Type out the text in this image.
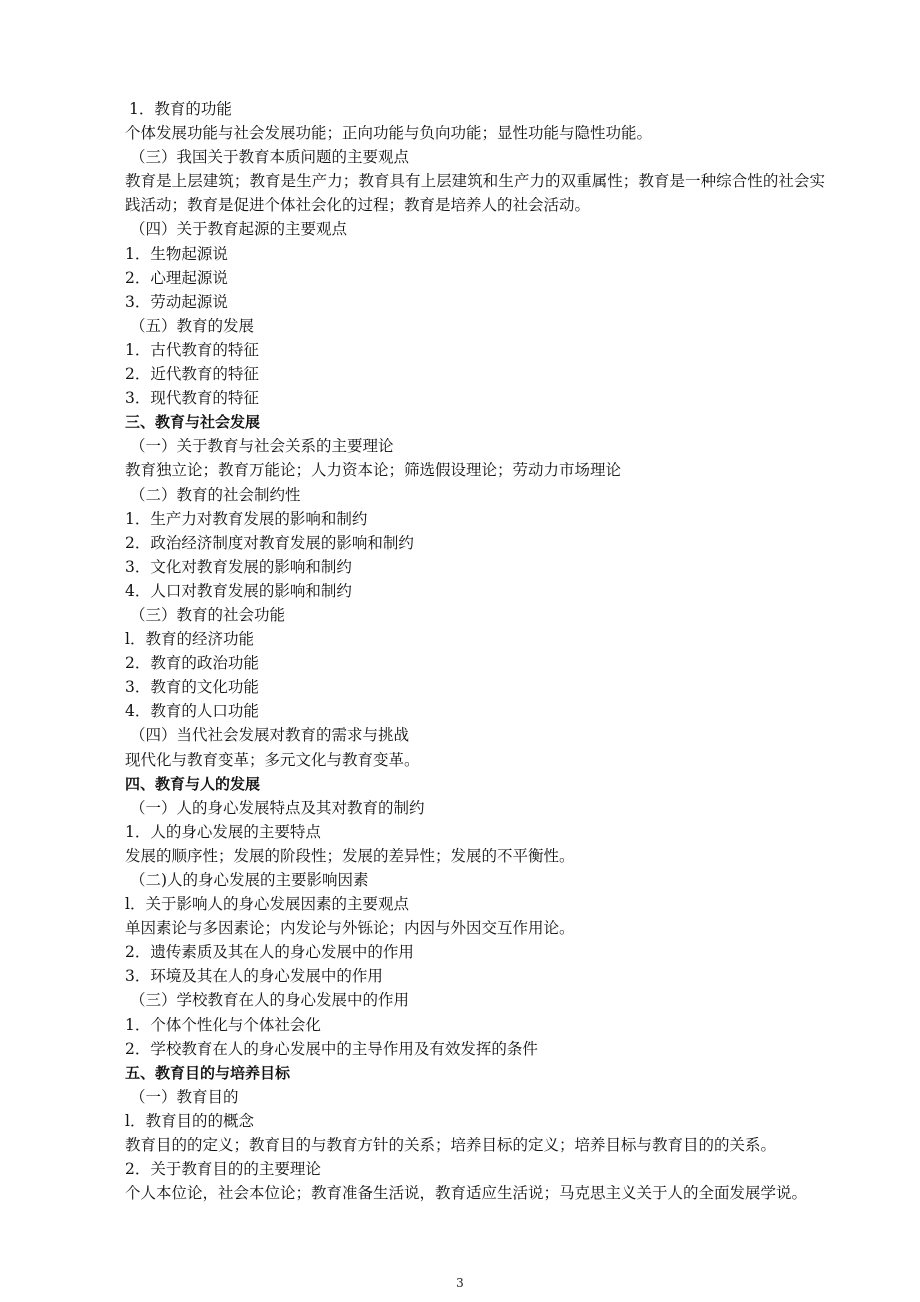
1．教育的功能
个体发展功能与社会发展功能；正向功能与负向功能；显性功能与隐性功能。
（三）我国关于教育本质问题的主要观点
教育是上层建筑；教育是生产力；教育具有上层建筑和生产力的双重属性；教育是一种综合性的社会实践活动；教育是促进个体社会化的过程；教育是培养人的社会活动。
（四）关于教育起源的主要观点
1．生物起源说
2．心理起源说
3．劳动起源说
（五）教育的发展
1．古代教育的特征
2．近代教育的特征
3．现代教育的特征
三、教育与社会发展
（一）关于教育与社会关系的主要理论
教育独立论；教育万能论；人力资本论；筛选假设理论；劳动力市场理论
（二）教育的社会制约性
1．生产力对教育发展的影响和制约
2．政治经济制度对教育发展的影响和制约
3．文化对教育发展的影响和制约
4．人口对教育发展的影响和制约
（三）教育的社会功能
l．教育的经济功能
2．教育的政治功能
3．教育的文化功能
4．教育的人口功能
（四）当代社会发展对教育的需求与挑战
现代化与教育变革；多元文化与教育变革。
四、教育与人的发展
（一）人的身心发展特点及其对教育的制约
1．人的身心发展的主要特点
发展的顺序性；发展的阶段性；发展的差异性；发展的不平衡性。
（二)人的身心发展的主要影响因素
l．关于影响人的身心发展因素的主要观点
单因素论与多因素论；内发论与外铄论；内因与外因交互作用论。
2．遗传素质及其在人的身心发展中的作用
3．环境及其在人的身心发展中的作用
（三）学校教育在人的身心发展中的作用
1．个体个性化与个体社会化
2．学校教育在人的身心发展中的主导作用及有效发挥的条件
五、教育目的与培养目标
（一）教育目的
l．教育目的的概念
教育目的的定义；教育目的与教育方针的关系；培养目标的定义；培养目标与教育目的的关系。
2．关于教育目的的主要理论
个人本位论，社会本位论；教育准备生活说，教育适应生活说；马克思主义关于人的全面发展学说。
3
